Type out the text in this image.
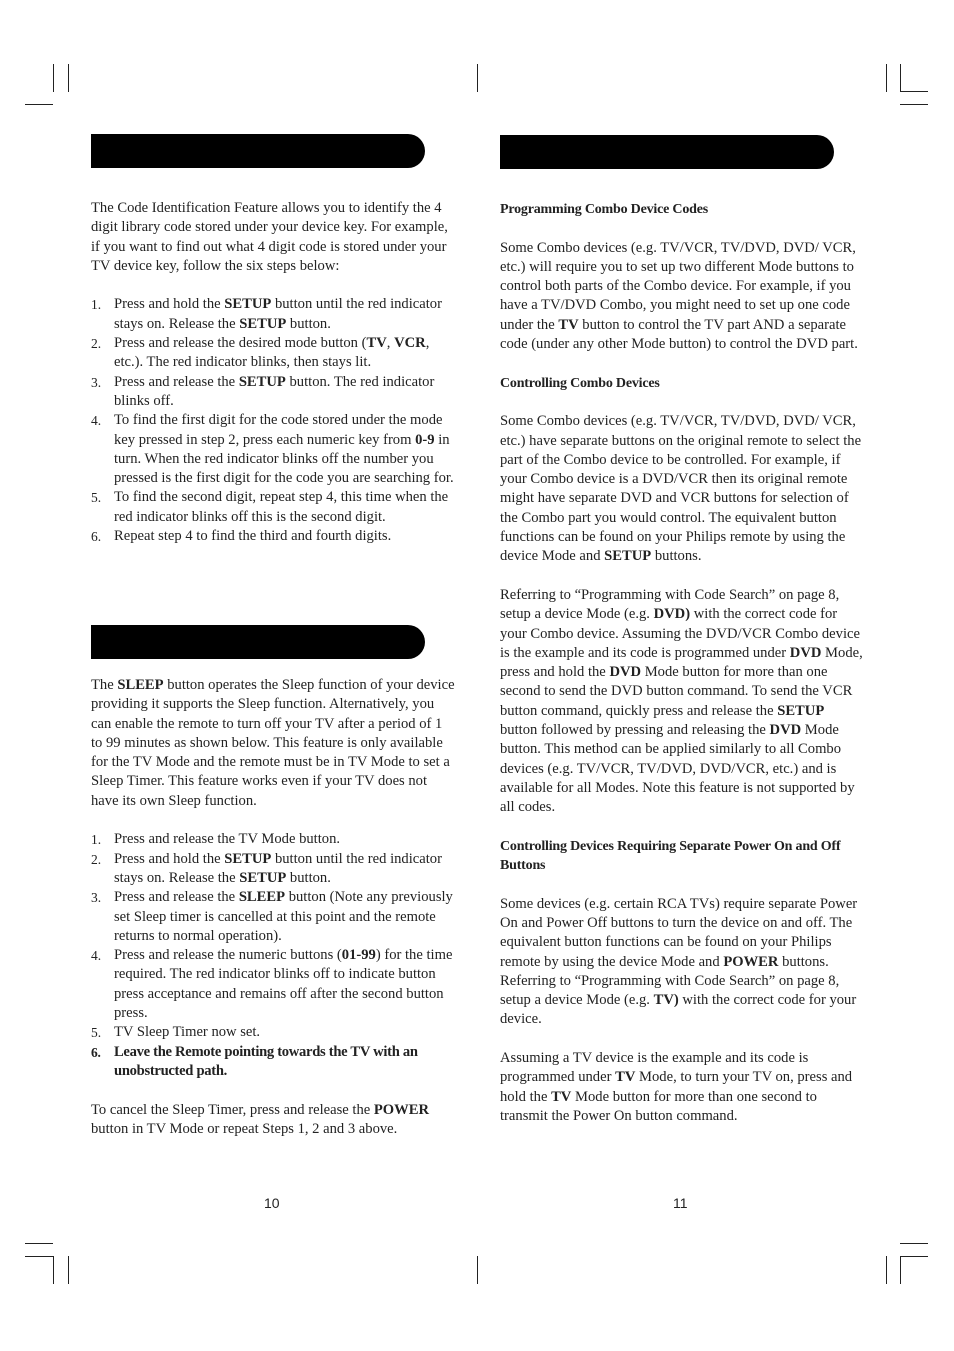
The Code Identification Feature allows you to identify the 4 digit library code stored under your device key. For example, if you want to find out what 4 digit code is stored under your TV device key, follow the six steps below:

1. Press and hold the SETUP button until the red indicator stays on. Release the SETUP button.
2. Press and release the desired mode button (TV, VCR, etc.). The red indicator blinks, then stays lit.
3. Press and release the SETUP button. The red indicator blinks off.
4. To find the first digit for the code stored under the mode key pressed in step 2, press each numeric key from 0-9 in turn. When the red indicator blinks off the number you pressed is the first digit for the code you are searching for.
5. To find the second digit, repeat step 4, this time when the red indicator blinks off this is the second digit.
6. Repeat step 4 to find the third and fourth digits.

The SLEEP button operates the Sleep function of your device providing it supports the Sleep function. Alternatively, you can enable the remote to turn off your TV after a period of 1 to 99 minutes as shown below. This feature is only available for the TV Mode and the remote must be in TV Mode to set a Sleep Timer. This feature works even if your TV does not have its own Sleep function.

1. Press and release the TV Mode button.
2. Press and hold the SETUP button until the red indicator stays on. Release the SETUP button.
3. Press and release the SLEEP button (Note any previously set Sleep timer is cancelled at this point and the remote returns to normal operation).
4. Press and release the numeric buttons (01-99) for the time required. The red indicator blinks off to indicate button press acceptance and remains off after the second button press.
5. TV Sleep Timer now set.
6. Leave the Remote pointing towards the TV with an unobstructed path.

To cancel the Sleep Timer, press and release the POWER button in TV Mode or repeat Steps 1, 2 and 3 above.

Programming Combo Device Codes

Some Combo devices (e.g. TV/VCR, TV/DVD, DVD/ VCR, etc.) will require you to set up two different Mode buttons to control both parts of the Combo device. For example, if you have a TV/DVD Combo, you might need to set up one code under the TV button to control the TV part AND a separate code (under any other Mode button) to control the DVD part.

Controlling Combo Devices

Some Combo devices (e.g. TV/VCR, TV/DVD, DVD/ VCR, etc.) have separate buttons on the original remote to select the part of the Combo device to be controlled. For example, if your Combo device is a DVD/VCR then its original remote might have separate DVD and VCR buttons for selection of the Combo part you would control. The equivalent button functions can be found on your Philips remote by using the device Mode and SETUP buttons.

Referring to “Programming with Code Search” on page 8, setup a device Mode (e.g. DVD) with the correct code for your Combo device. Assuming the DVD/VCR Combo device is the example and its code is programmed under DVD Mode, press and hold the DVD Mode button for more than one second to send the DVD button command. To send the VCR button command, quickly press and release the SETUP button followed by pressing and releasing the DVD Mode button. This method can be applied similarly to all Combo devices (e.g. TV/VCR, TV/DVD, DVD/VCR, etc.) and is available for all Modes. Note this feature is not supported by all codes.

Controlling Devices Requiring Separate Power On and Off Buttons

Some devices (e.g. certain RCA TVs) require separate Power On and Power Off buttons to turn the device on and off. The equivalent button functions can be found on your Philips remote by using the device Mode and POWER buttons. Referring to “Programming with Code Search” on page 8, setup a device Mode (e.g. TV) with the correct code for your device.

Assuming a TV device is the example and its code is programmed under TV Mode, to turn your TV on, press and hold the TV Mode button for more than one second to transmit the Power On button command.

10	11
